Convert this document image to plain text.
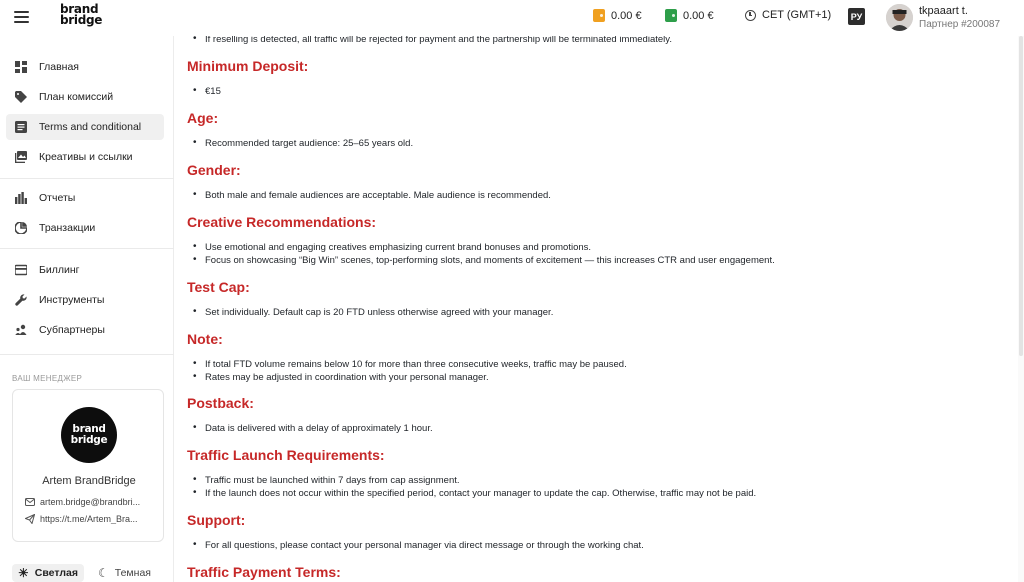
brand
bridge	0.00 €	0.00 €	CET (GMT+1)	РУ	tkpaaart t.
Партнер #200087
Главная
План комиссий
Terms and conditional
Креативы и ссылки
Отчеты
Транзакции
Биллинг
Инструменты
Субпартнеры
ВАШ МЕНЕДЖЕР
brand
bridge
Artem BrandBridge
artem.bridge@brandbri...
https://t.me/Artem_Bra...
☀ Светлая ☾ Темная
• If reselling is detected, all traffic will be rejected for payment and the partnership will be terminated immediately.
Minimum Deposit:
• €15
Age:
• Recommended target audience: 25–65 years old.
Gender:
• Both male and female audiences are acceptable. Male audience is recommended.
Creative Recommendations:
• Use emotional and engaging creatives emphasizing current brand bonuses and promotions.
• Focus on showcasing “Big Win” scenes, top-performing slots, and moments of excitement — this increases CTR and user engagement.
Test Cap:
• Set individually. Default cap is 20 FTD unless otherwise agreed with your manager.
Note:
• If total FTD volume remains below 10 for more than three consecutive weeks, traffic may be paused.
• Rates may be adjusted in coordination with your personal manager.
Postback:
• Data is delivered with a delay of approximately 1 hour.
Traffic Launch Requirements:
• Traffic must be launched within 7 days from cap assignment.
• If the launch does not occur within the specified period, contact your manager to update the cap. Otherwise, traffic may not be paid.
Support:
• For all questions, please contact your personal manager via direct message or through the working chat.
Traffic Payment Terms:
